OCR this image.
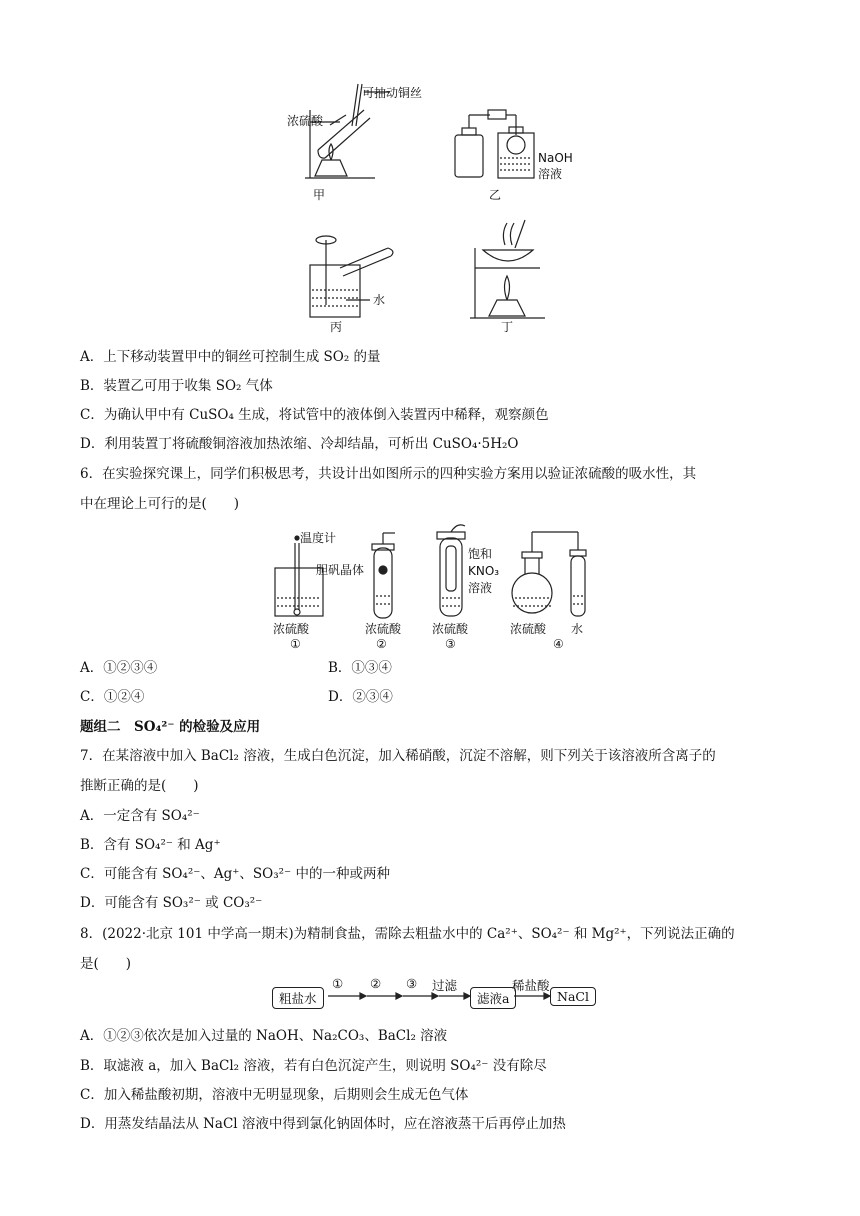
甲	乙
丙	丁
可抽动铜丝
浓硫酸
NaOH
溶液
水
A．上下移动装置甲中的铜丝可控制生成 SO₂ 的量
B．装置乙可用于收集 SO₂ 气体
C．为确认甲中有 CuSO₄ 生成，将试管中的液体倒入装置丙中稀释，观察颜色
D．利用装置丁将硫酸铜溶液加热浓缩、冷却结晶，可析出 CuSO₄·5H₂O
6．在实验探究课上，同学们积极思考，共设计出如图所示的四种实验方案用以验证浓硫酸的吸水性，其
中在理论上可行的是(　　)
温度计
胆矾晶体
饱和
KNO₃
溶液
浓硫酸	浓硫酸	浓硫酸	浓硫酸 水
①	②	③	④
A．①②③④	B．①③④
C．①②④	D．②③④
题组二　SO₄²⁻ 的检验及应用
7．在某溶液中加入 BaCl₂ 溶液，生成白色沉淀，加入稀硝酸，沉淀不溶解，则下列关于该溶液所含离子的
推断正确的是(　　)
A．一定含有 SO₄²⁻
B．含有 SO₄²⁻ 和 Ag⁺
C．可能含有 SO₄²⁻、Ag⁺、SO₃²⁻ 中的一种或两种
D．可能含有 SO₃²⁻ 或 CO₃²⁻
8．(2022·北京 101 中学高一期末)为精制食盐，需除去粗盐水中的 Ca²⁺、SO₄²⁻ 和 Mg²⁺，下列说法正确的
是(　　)
粗盐水
① ② ③ 过滤
滤液a
稀盐酸
NaCl
A．①②③依次是加入过量的 NaOH、Na₂CO₃、BaCl₂ 溶液
B．取滤液 a，加入 BaCl₂ 溶液，若有白色沉淀产生，则说明 SO₄²⁻ 没有除尽
C．加入稀盐酸初期，溶液中无明显现象，后期则会生成无色气体
D．用蒸发结晶法从 NaCl 溶液中得到氯化钠固体时，应在溶液蒸干后再停止加热
